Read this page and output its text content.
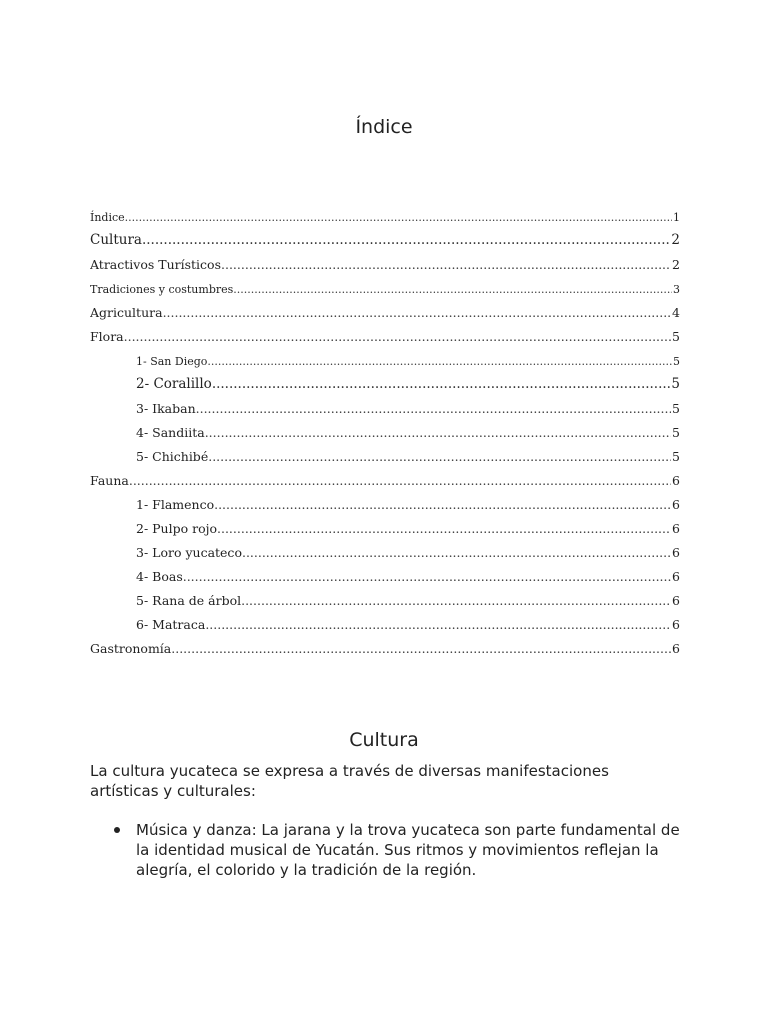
Índice
Índice .....	1
Cultura .....	2
Atractivos Turísticos .....	2
Tradiciones y costumbres .....	3
Agricultura .....	4
Flora .....	5
1- San Diego .....	5
2- Coralillo .....	5
3- Ikaban .....	5
4- Sandiita .....	5
5- Chichibé .....	5
Fauna .....	6
1- Flamenco .....	6
2- Pulpo rojo .....	6
3- Loro yucateco .....	6
4- Boas .....	6
5- Rana de árbol .....	6
6- Matraca .....	6
Gastronomía .....	6
Cultura
La cultura yucateca se expresa a través de diversas manifestaciones artísticas y culturales:
Música y danza: La jarana y la trova yucateca son parte fundamental de la identidad musical de Yucatán. Sus ritmos y movimientos reflejan la alegría, el colorido y la tradición de la región.
